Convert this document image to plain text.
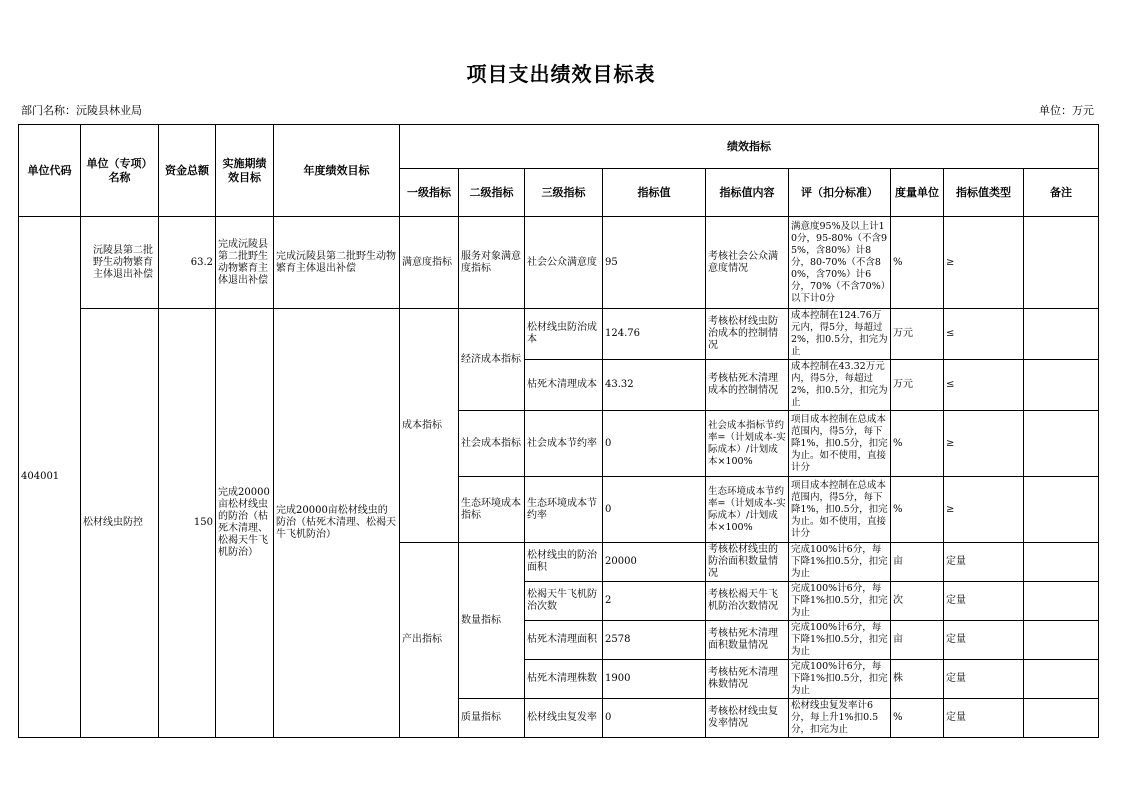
项目支出绩效目标表
部门名称：沅陵县林业局	单位：万元
单位代码	单位（专项）名称	资金总额	实施期绩效目标	年度绩效目标	绩效指标								
					一级指标	二级指标	三级指标	指标值	指标值内容	评（扣分标准）	度量单位	指标值类型	备注
404001	沅陵县第二批野生动物繁育主体退出补偿	63.2	完成沅陵县第二批野生动物繁育主体退出补偿	完成沅陵县第二批野生动物繁育主体退出补偿	满意度指标	服务对象满意度指标	社会公众满意度	95	考核社会公众满意度情况	满意度95%及以上计10分，95-80%（不含95%，含80%）计8分，80-70%（不含80%，含70%）计6分，70%（不含70%）以下计0分	%	≥	
	松材线虫防控	150	完成20000亩松材线虫的防治（枯死木清理、松褐天牛飞机防治）	完成20000亩松材线虫的防治（枯死木清理、松褐天牛飞机防治）	成本指标	经济成本指标	松材线虫防治成本	124.76	考核松材线虫防治成本的控制情况	成本控制在124.76万元内，得5分，每超过2%，扣0.5分，扣完为止	万元	≤	
							枯死木清理成本	43.32	考核枯死木清理成本的控制情况	成本控制在43.32万元内，得5分，每超过2%，扣0.5分，扣完为止	万元	≤	
						社会成本指标	社会成本节约率	0	社会成本指标节约率=（计划成本-实际成本）/计划成本×100%	项目成本控制在总成本范围内，得5分，每下降1%，扣0.5分，扣完为止。如不使用，直接计分	%	≥	

						生态环境成本指标	生态环境成本节约率	0	生态环境成本节约率=（计划成本-实际成本）/计划成本×100%	项目成本控制在总成本范围内，得5分，每下降1%，扣0.5分，扣完为止。如不使用，直接计分	%	≥	

					产出指标	数量指标	松材线虫的防治面积	20000	考核松材线虫的防治面积数量情况	完成100%计6分，每下降1%扣0.5分，扣完为止	亩	定量	
							松褐天牛飞机防治次数	2	考核松褐天牛飞机防治次数情况	完成100%计6分，每下降1%扣0.5分，扣完为止	次	定量	
							枯死木清理面积	2578	考核枯死木清理面积数量情况	完成100%计6分，每下降1%扣0.5分，扣完为止	亩	定量	
							枯死木清理株数	1900	考核枯死木清理株数情况	完成100%计6分，每下降1%扣0.5分，扣完为止	株	定量	
						质量指标	松材线虫复发率	0	考核松材线虫复发率情况	松材线虫复发率计6分，每上升1%扣0.5分，扣完为止	%	定量	
